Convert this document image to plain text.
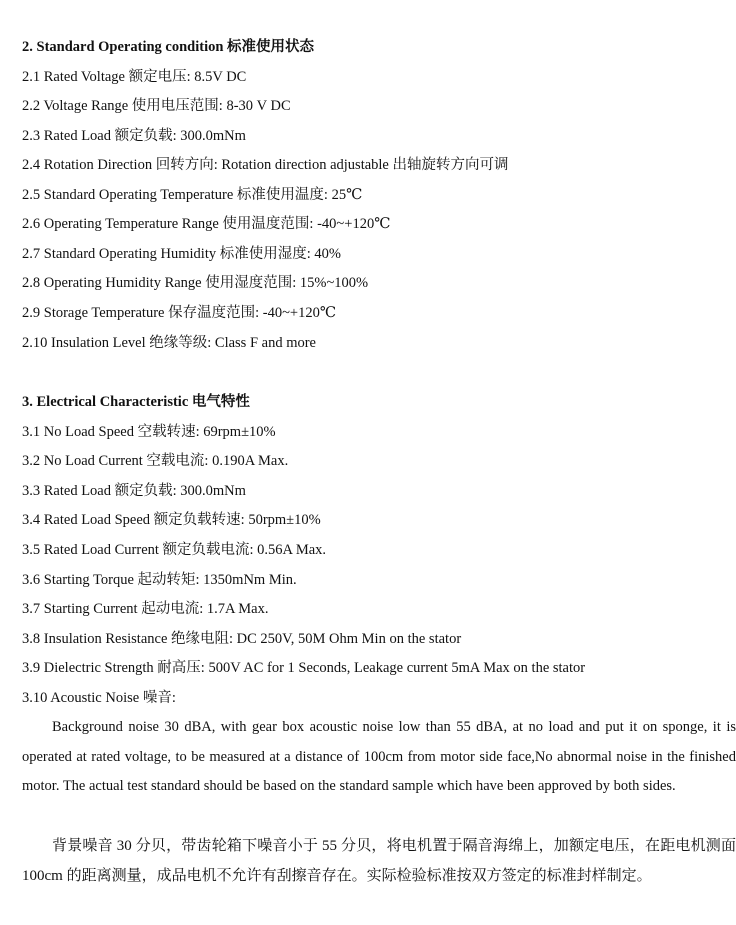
2. Standard Operating condition 标准使用状态
2.1 Rated Voltage 额定电压: 8.5V DC
2.2 Voltage Range 使用电压范围: 8-30 V DC
2.3 Rated Load 额定负载: 300.0mNm
2.4 Rotation Direction 回转方向: Rotation direction adjustable 出轴旋转方向可调
2.5 Standard Operating Temperature 标准使用温度: 25℃
2.6 Operating Temperature Range 使用温度范围: -40~+120℃
2.7 Standard Operating Humidity 标准使用湿度: 40%
2.8 Operating Humidity Range 使用湿度范围: 15%~100%
2.9 Storage Temperature 保存温度范围: -40~+120℃
2.10 Insulation Level 绝缘等级: Class F and more
3. Electrical Characteristic 电气特性
3.1 No Load Speed 空载转速: 69rpm±10%
3.2 No Load Current 空载电流: 0.190A Max.
3.3 Rated Load 额定负载: 300.0mNm
3.4 Rated Load Speed 额定负载转速: 50rpm±10%
3.5 Rated Load Current 额定负载电流: 0.56A Max.
3.6 Starting Torque 起动转矩: 1350mNm Min.
3.7 Starting Current 起动电流: 1.7A Max.
3.8 Insulation Resistance 绝缘电阻: DC 250V, 50M Ohm Min on the stator
3.9 Dielectric Strength 耐高压: 500V AC for 1 Seconds, Leakage current 5mA Max on the stator
3.10 Acoustic Noise 噪音:
Background noise 30 dBA, with gear box acoustic noise low than 55 dBA, at no load and put it on sponge, it is operated at rated voltage, to be measured at a distance of 100cm from motor side face,No abnormal noise in the finished motor. The actual test standard should be based on the standard sample which have been approved by both sides.
背景噪音 30 分贝，带齿轮箱下噪音小于 55 分贝，将电机置于隔音海绵上，加额定电压，在距电机测面 100cm 的距离测量，成品电机不允许有刮擦音存在。实际检验标准按双方签定的标准封样制定。
